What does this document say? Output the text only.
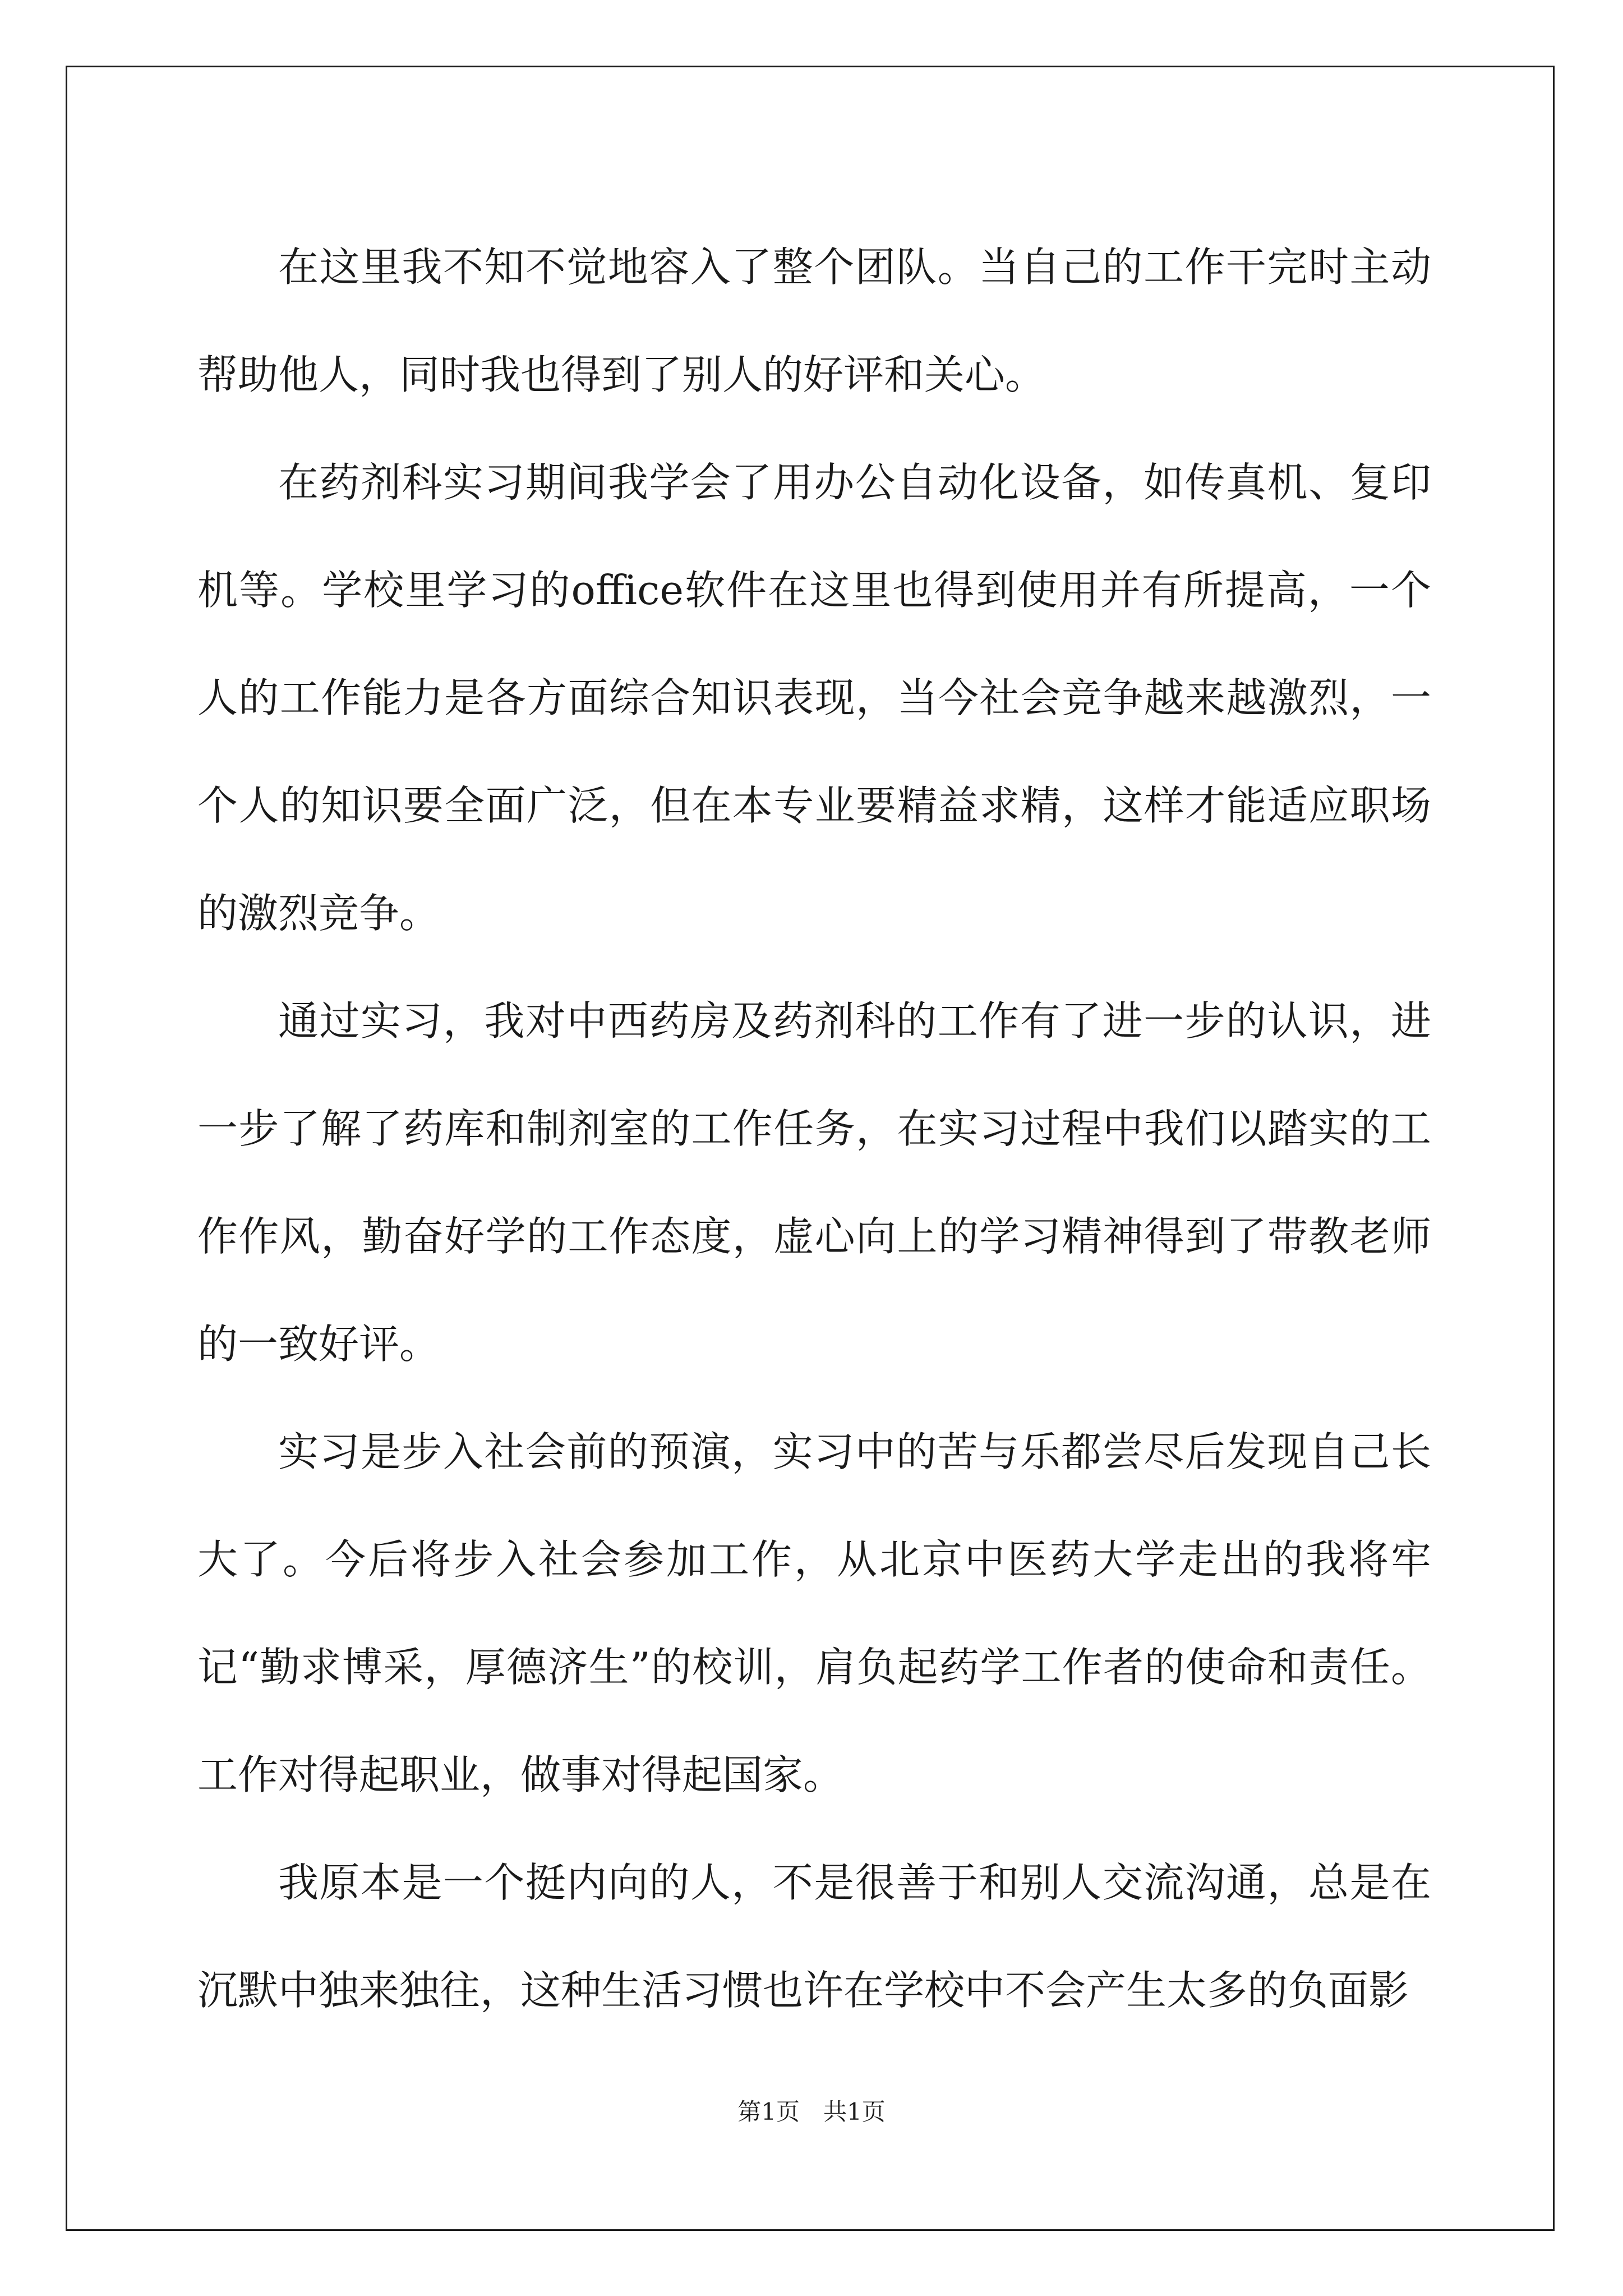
在这里我不知不觉地容入了整个团队。当自己的工作干完时主动帮助他人，同时我也得到了别人的好评和关心。

在药剂科实习期间我学会了用办公自动化设备，如传真机、复印机等。学校里学习的office软件在这里也得到使用并有所提高，一个人的工作能力是各方面综合知识表现，当今社会竞争越来越激烈，一个人的知识要全面广泛，但在本专业要精益求精，这样才能适应职场的激烈竞争。

通过实习，我对中西药房及药剂科的工作有了进一步的认识，进一步了解了药库和制剂室的工作任务，在实习过程中我们以踏实的工作作风，勤奋好学的工作态度，虚心向上的学习精神得到了带教老师的一致好评。

实习是步入社会前的预演，实习中的苦与乐都尝尽后发现自己长大了。今后将步入社会参加工作，从北京中医药大学走出的我将牢记“勤求博采，厚德济生”的校训，肩负起药学工作者的使命和责任。工作对得起职业，做事对得起国家。

我原本是一个挺内向的人，不是很善于和别人交流沟通，总是在沉默中独来独往，这种生活习惯也许在学校中不会产生太多的负面影

第1页　共1页
